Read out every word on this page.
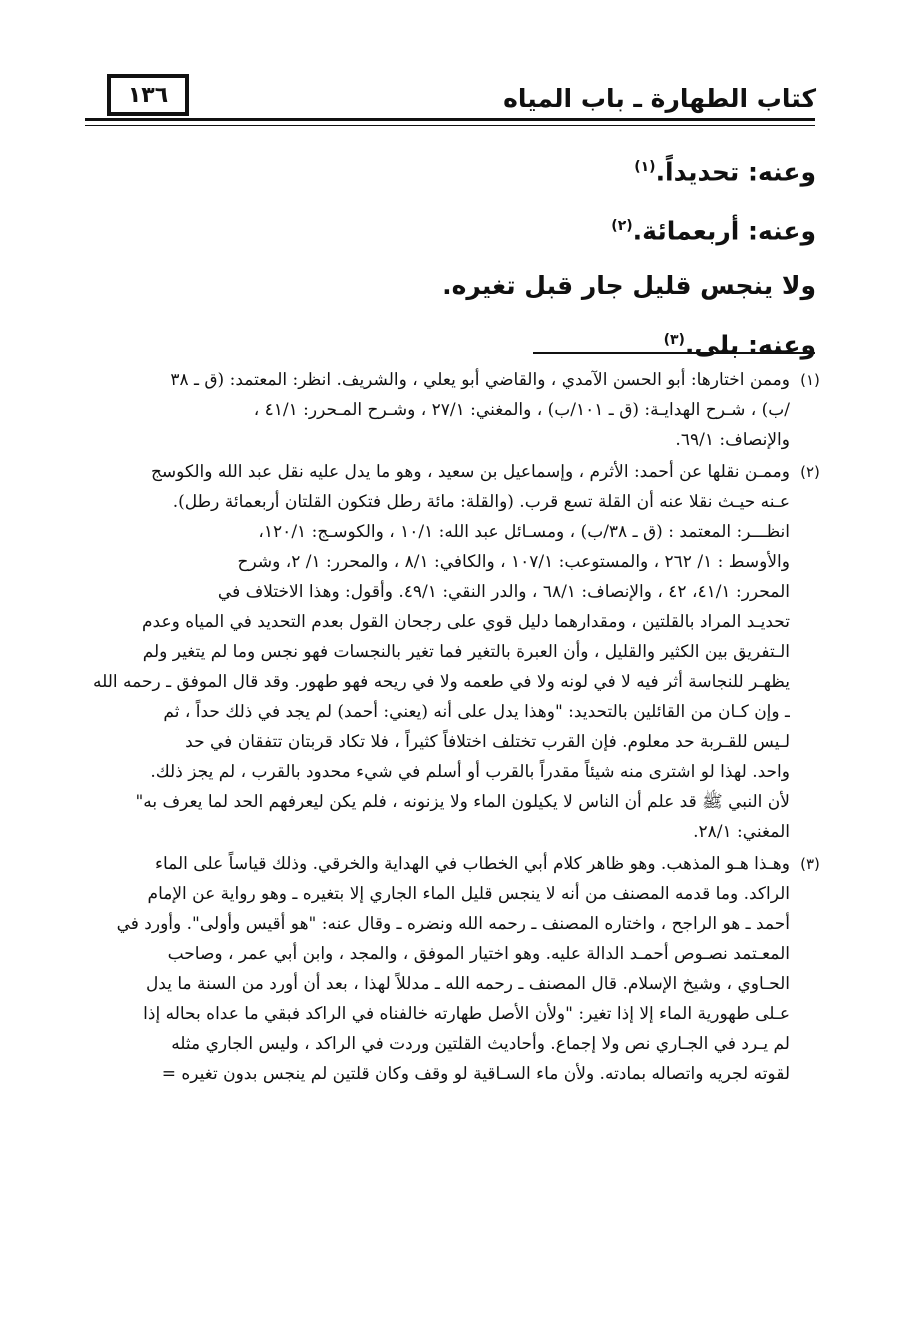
١٣٦	كتاب الطهارة ـ باب المياه
وعنه: تحديداً.$^{(١)}$
وعنه: أربعمائة.$^{(٢)}$
ولا ينجس قليل جار قبل تغيره.
وعنه: بلى.$^{(٣)}$
(١)
وممن اختارها: أبو الحسن الآمدي ، والقاضي أبو يعلي ، والشريف. انظر: المعتمد: (ق ـ ٣٨
/ب) ، شـرح الهدايـة: (ق ـ ١٠١/ب) ، والمغني: ٢٧/١ ، وشـرح المـحرر: ٤١/١ ،
والإنصاف: ٦٩/١.
(٢)
وممـن نقلها عن أحمد: الأثرم ، وإسماعيل بن سعيد ، وهو ما يدل عليه نقل عبد الله والكوسج
عـنه حيـث نقلا عنه أن القلة تسع قرب. (والقلة: مائة رطل فتكون القلتان أربعمائة رطل).
انظـــر: المعتمد : (ق ـ ٣٨/ب) ، ومسـائل عبد الله: ١٠/١ ، والكوسـج: ١٢٠/١،
والأوسط : ١/ ٢٦٢ ، والمستوعب: ١٠٧/١ ، والكافي: ٨/١ ، والمحرر: ١/ ٢، وشرح
المحرر: ٤١/١، ٤٢ ، والإنصاف: ٦٨/١ ، والدر النقي: ٤٩/١. وأقول: وهذا الاختلاف في
تحديـد المراد بالقلتين ، ومقدارهما دليل قوي على رجحان القول بعدم التحديد في المياه وعدم
الـتفريق بين الكثير والقليل ، وأن العبرة بالتغير فما تغير بالنجسات فهو نجس وما لم يتغير ولم
يظهـر للنجاسة أثر فيه لا في لونه ولا في طعمه ولا في ريحه فهو طهور. وقد قال الموفق ـ رحمه الله
ـ وإن كـان من القائلين بالتحديد: "وهذا يدل على أنه (يعني: أحمد) لم يجد في ذلك حداً ، ثم
لـيس للقـربة حد معلوم. فإن القرب تختلف اختلافاً كثيراً ، فلا تكاد قربتان تتفقان في حد
واحد. لهذا لو اشترى منه شيئاً مقدراً بالقرب أو أسلم في شيء محدود بالقرب ، لم يجز ذلك.
لأن النبي ﷺ قد علم أن الناس لا يكيلون الماء ولا يزنونه ، فلم يكن ليعرفهم الحد لما يعرف به"
المغني: ٢٨/١.
(٣)
وهـذا هـو المذهب. وهو ظاهر كلام أبي الخطاب في الهداية والخرقي. وذلك قياساً على الماء
الراكد. وما قدمه المصنف من أنه لا ينجس قليل الماء الجاري إلا بتغيره ـ وهو رواية عن الإمام
أحمد ـ هو الراجح ، واختاره المصنف ـ رحمه الله ونضره ـ وقال عنه: "هو أقيس وأولى". وأورد في
المعـتمد نصـوص أحمـد الدالة عليه. وهو اختيار الموفق ، والمجد ، وابن أبي عمر ، وصاحب
الحـاوي ، وشيخ الإسلام. قال المصنف ـ رحمه الله ـ مدللاً لهذا ، بعد أن أورد من السنة ما يدل
عـلى طهورية الماء إلا إذا تغير: "ولأن الأصل طهارته خالفناه في الراكد فبقي ما عداه بحاله إذا
لم يـرد في الجـاري نص ولا إجماع. وأحاديث القلتين وردت في الراكد ، وليس الجاري مثله
لقوته لجريه واتصاله بمادته. ولأن ماء السـاقية لو وقف وكان قلتين لم ينجس بدون تغيره =
